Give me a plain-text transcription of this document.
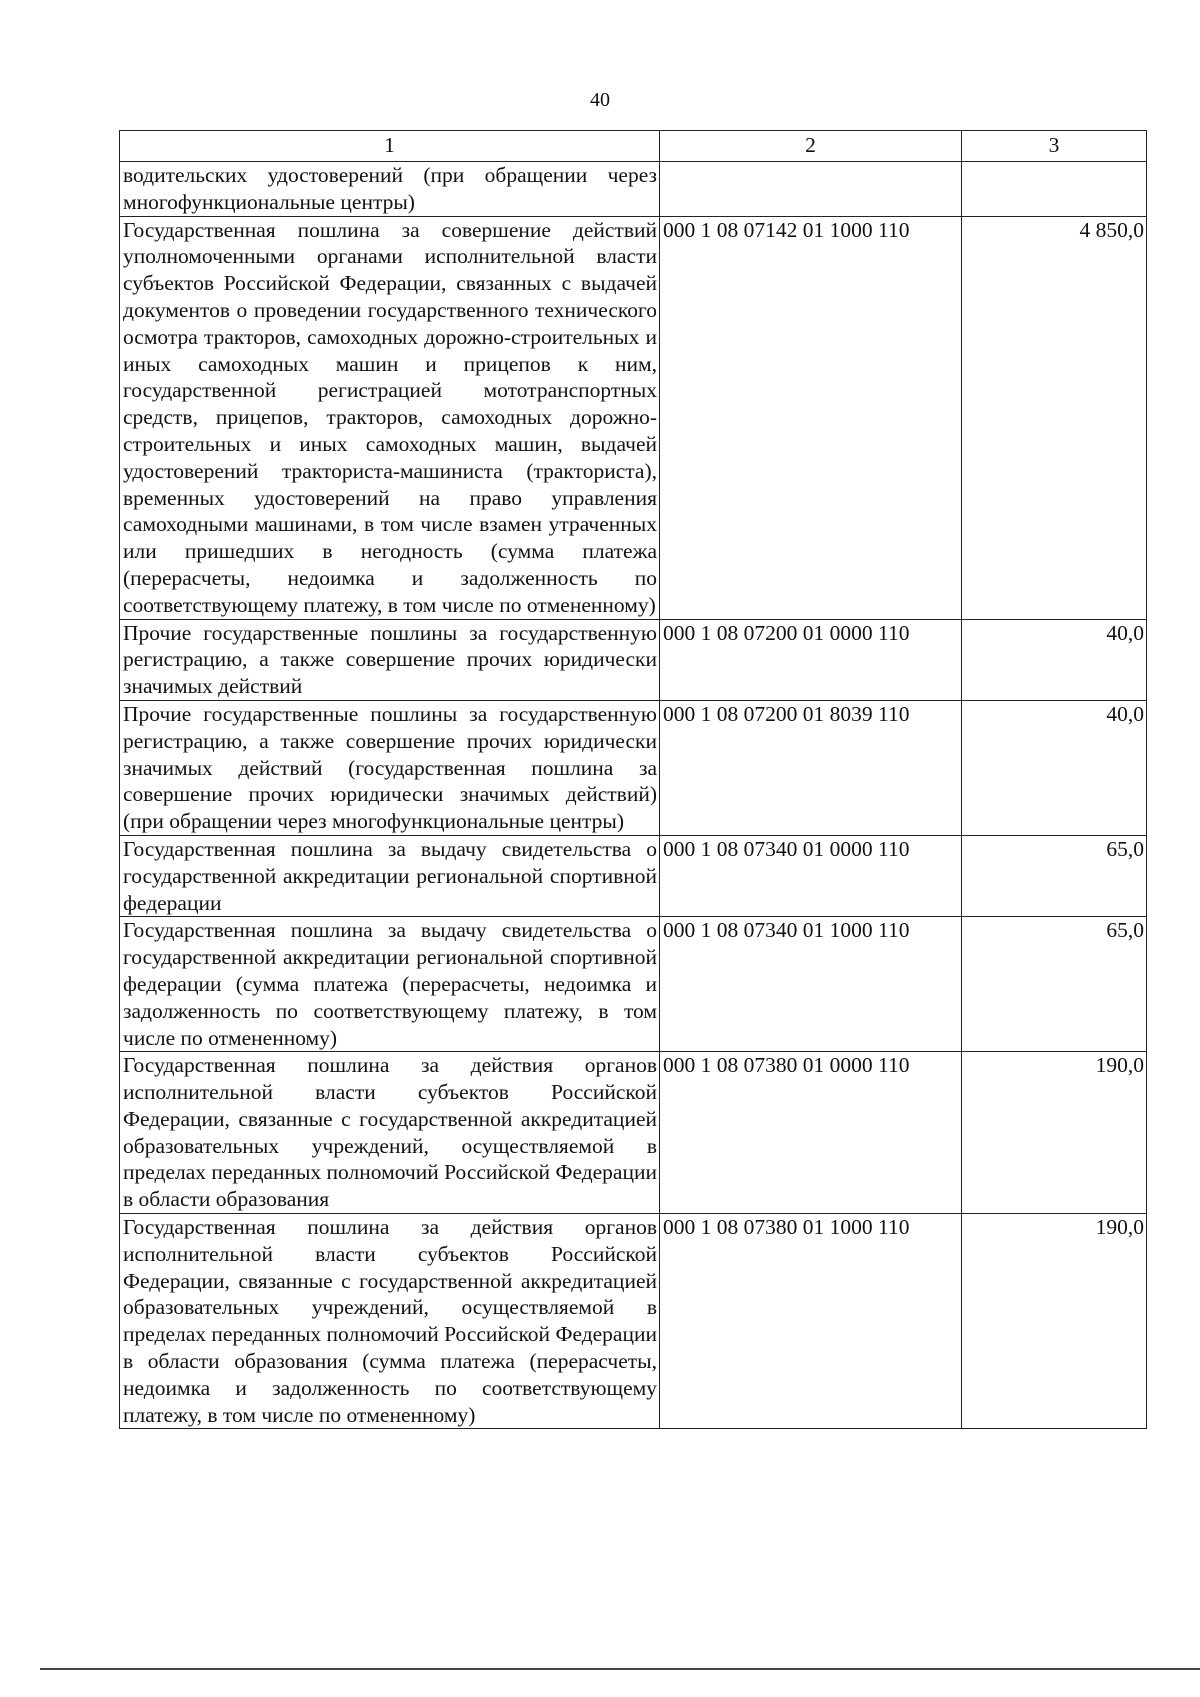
40
1	2	3
водительских удостоверений (при обращении через многофункциональные центры)		
Государственная пошлина за совершение действий уполномоченными органами исполнительной власти субъектов Российской Федерации, связанных с выдачей документов о проведении государственного технического осмотра тракторов, самоходных дорожно-строительных и иных самоходных машин и прицепов к ним, государственной регистрацией мототранспортных средств, прицепов, тракторов, самоходных дорожно-строительных и иных самоходных машин, выдачей удостоверений тракториста-машиниста (тракториста), временных удостоверений на право управления самоходными машинами, в том числе взамен утраченных или пришедших в негодность (сумма платежа (перерасчеты, недоимка и задолженность по соответствующему платежу, в том числе по отмененному)	000 1 08 07142 01 1000 110	4 850,0
Прочие государственные пошлины за государственную регистрацию, а также совершение прочих юридически значимых действий	000 1 08 07200 01 0000 110	40,0
Прочие государственные пошлины за государственную регистрацию, а также совершение прочих юридически значимых действий (государственная пошлина за совершение прочих юридически значимых действий) (при обращении через многофункциональные центры)	000 1 08 07200 01 8039 110	40,0
Государственная пошлина за выдачу свидетельства о государственной аккредитации региональной спортивной федерации	000 1 08 07340 01 0000 110	65,0
Государственная пошлина за выдачу свидетельства о государственной аккредитации региональной спортивной федерации (сумма платежа (перерасчеты, недоимка и задолженность по соответствующему платежу, в том числе по отмененному)	000 1 08 07340 01 1000 110	65,0
Государственная пошлина за действия органов исполнительной власти субъектов Российской Федерации, связанные с государственной аккредитацией образовательных учреждений, осуществляемой в пределах переданных полномочий Российской Федерации в области образования	000 1 08 07380 01 0000 110	190,0
Государственная пошлина за действия органов исполнительной власти субъектов Российской Федерации, связанные с государственной аккредитацией образовательных учреждений, осуществляемой в пределах переданных полномочий Российской Федерации в области образования (сумма платежа (перерасчеты, недоимка и задолженность по соответствующему платежу, в том числе по отмененному)	000 1 08 07380 01 1000 110	190,0
